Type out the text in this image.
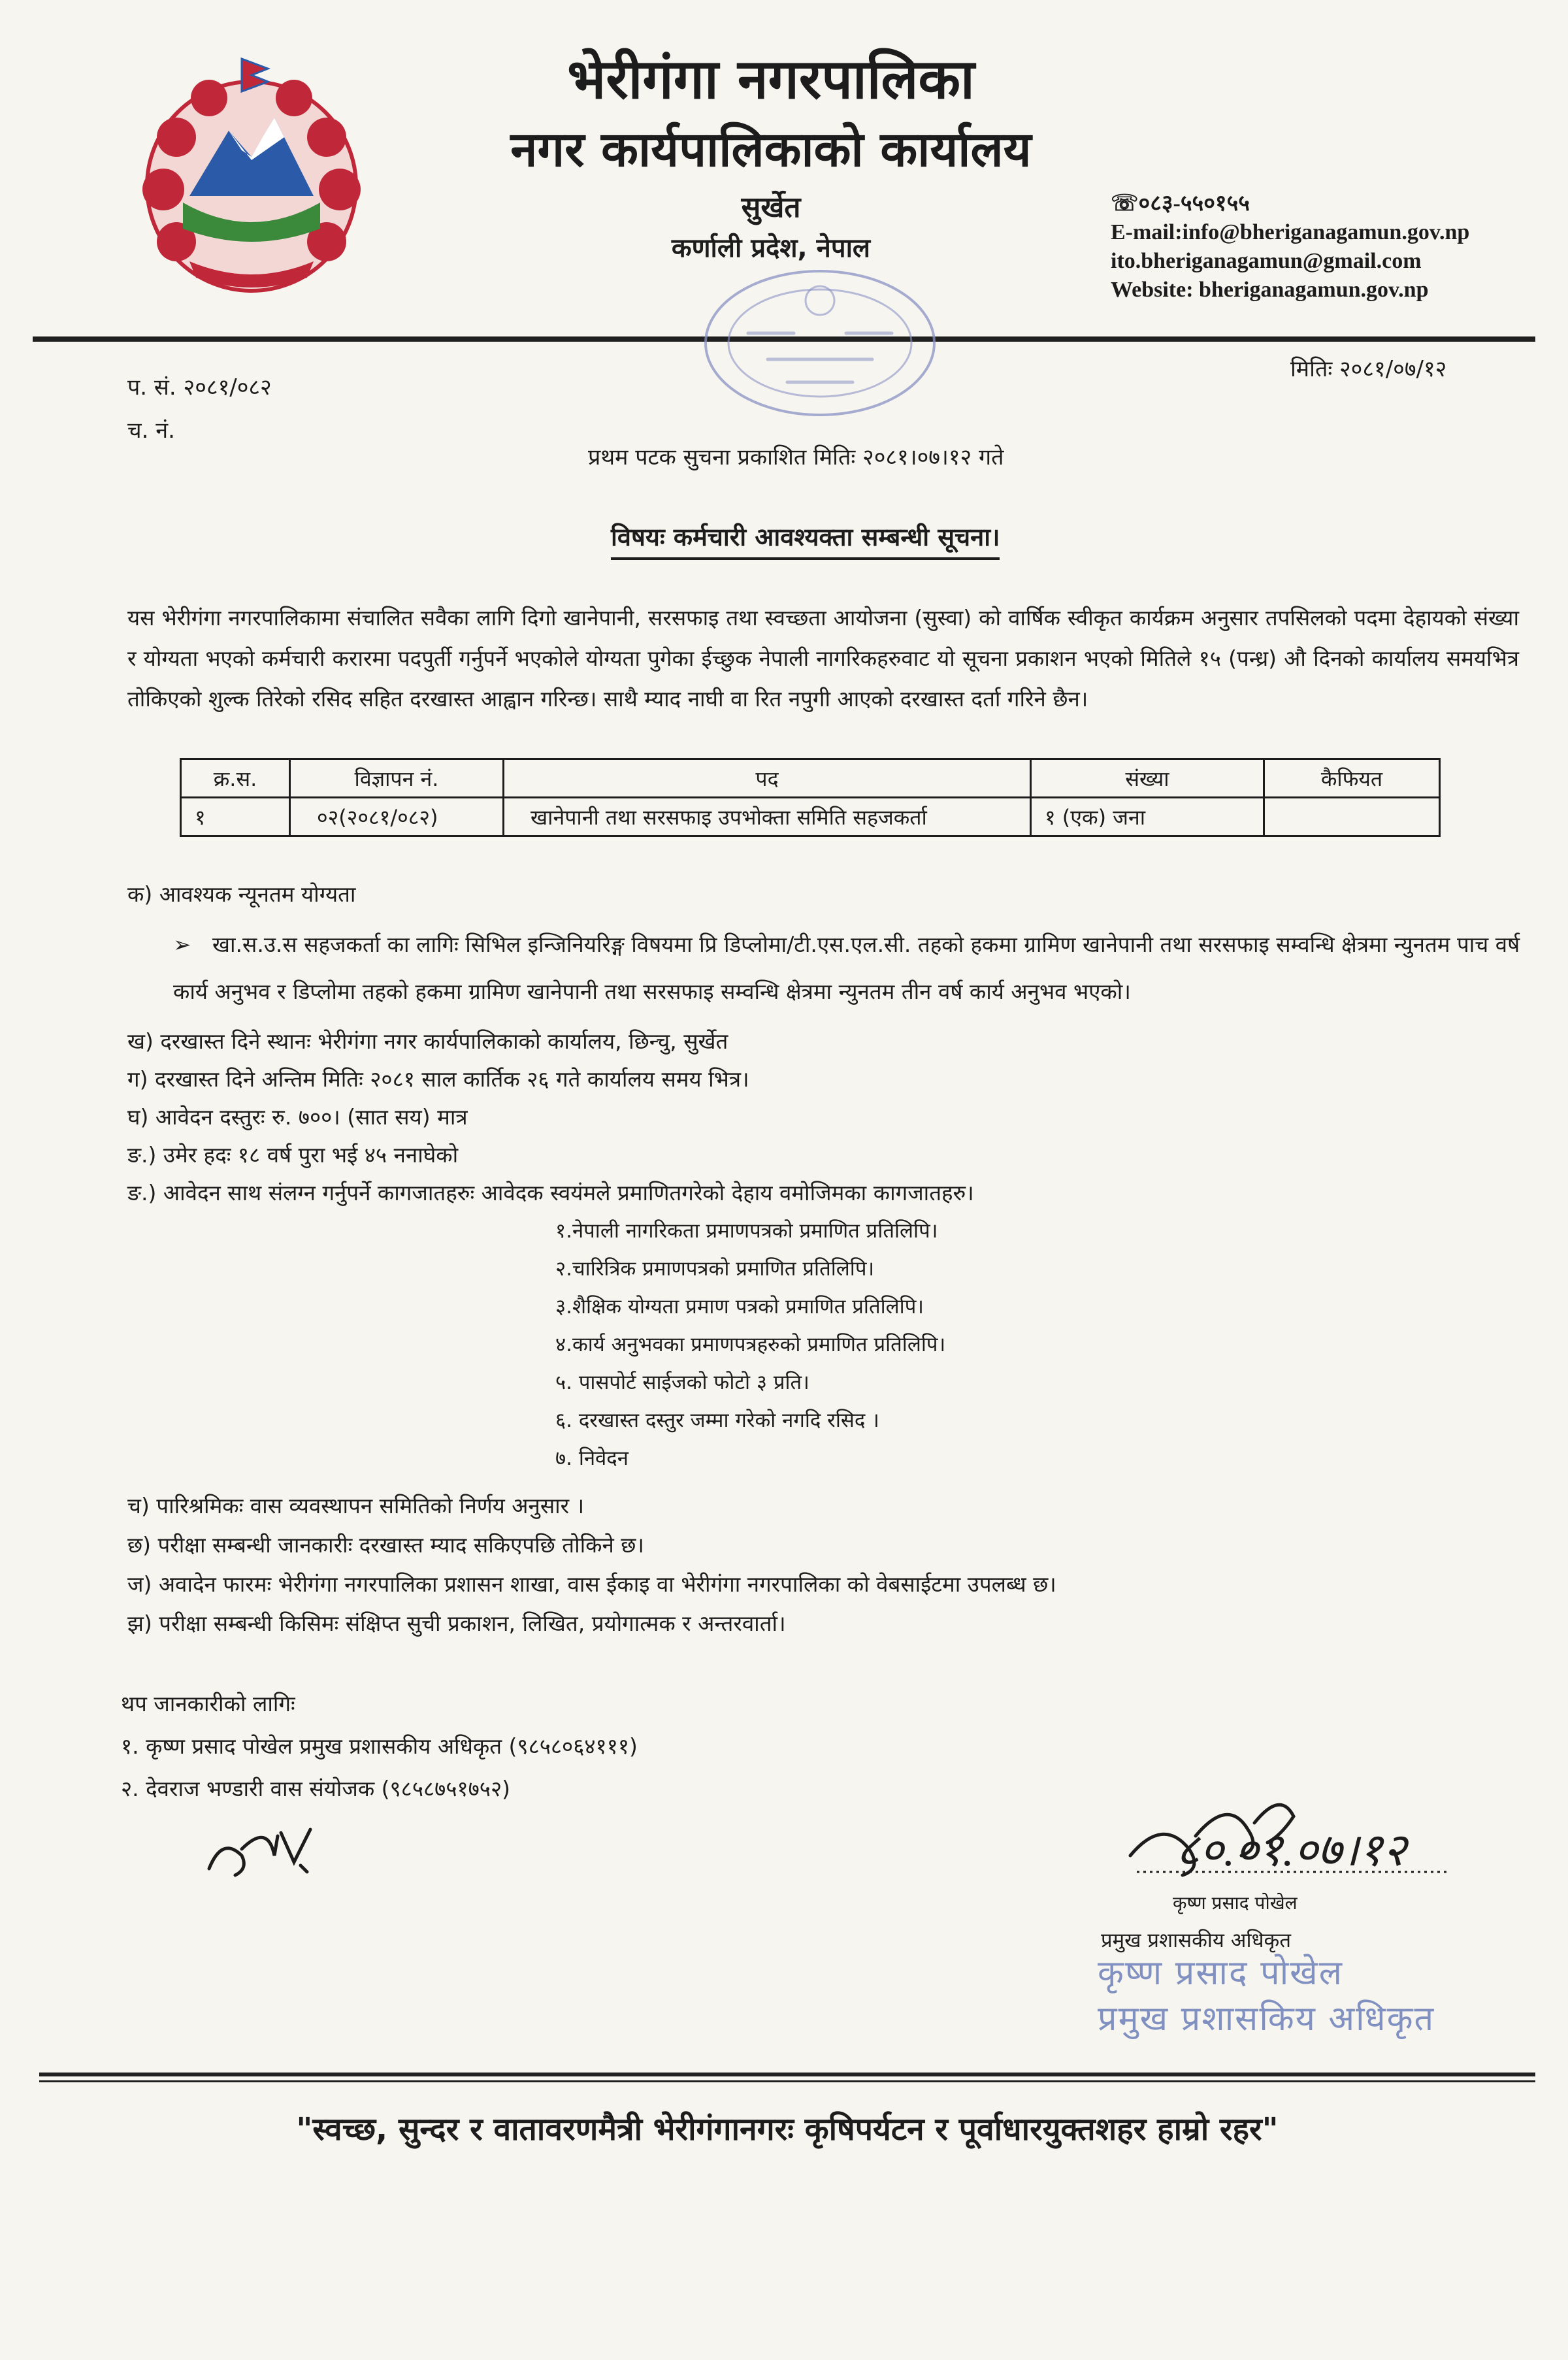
भेरीगंगा नगरपालिका
नगर कार्यपालिकाको कार्यालय
सुर्खेत
कर्णाली प्रदेश, नेपाल
☏०८३-५५०१५५
E-mail:info@bheriganagamun.gov.np
ito.bheriganagamun@gmail.com
Website: bheriganagamun.gov.np
प. सं. २०८१/०८२
च. नं.
मितिः २०८१/०७/१२
प्रथम पटक सुचना प्रकाशित मितिः २०८१।०७।१२ गते
विषयः कर्मचारी आवश्यक्ता सम्बन्धी सूचना।
यस भेरीगंगा नगरपालिकामा संचालित सवैका लागि दिगो खानेपानी, सरसफाइ तथा स्वच्छता आयोजना (सुस्वा) को वार्षिक स्वीकृत कार्यक्रम अनुसार तपसिलको पदमा देहायको संख्या र योग्यता भएको कर्मचारी करारमा पदपुर्ती गर्नुपर्ने भएकोले योग्यता पुगेका ईच्छुक नेपाली नागरिकहरुवाट यो सूचना प्रकाशन भएको मितिले १५ (पन्ध्र) औ दिनको कार्यालय समयभित्र तोकिएको शुल्क तिरेको रसिद सहित दरखास्त आह्वान गरिन्छ। साथै म्याद नाघी वा रित नपुगी आएको दरखास्त दर्ता गरिने छैन।
क्र.स.	विज्ञापन नं.	पद	संख्या	कैफियत
१	०२(२०८१/०८२)	खानेपानी तथा सरसफाइ उपभोक्ता समिति सहजकर्ता	१ (एक) जना	
क) आवश्यक न्यूनतम योग्यता
➢ खा.स.उ.स सहजकर्ता का लागिः सिभिल इन्जिनियरिङ्ग विषयमा प्रि डिप्लोमा/टी.एस.एल.सी. तहको हकमा ग्रामिण खानेपानी तथा सरसफाइ सम्वन्धि क्षेत्रमा न्युनतम पाच वर्ष कार्य अनुभव र डिप्लोमा तहको हकमा ग्रामिण खानेपानी तथा सरसफाइ सम्वन्धि क्षेत्रमा न्युनतम तीन वर्ष कार्य अनुभव भएको।
ख) दरखास्त दिने स्थानः भेरीगंगा नगर कार्यपालिकाको कार्यालय, छिन्चु, सुर्खेत
ग) दरखास्त दिने अन्तिम मितिः २०८१ साल कार्तिक २६ गते कार्यालय समय भित्र।
घ) आवेदन दस्तुरः रु. ७००। (सात सय) मात्र
ङ.) उमेर हदः १८ वर्ष पुरा भई ४५ ननाघेको
ङ.) आवेदन साथ संलग्न गर्नुपर्ने कागजातहरुः आवेदक स्वयंमले प्रमाणितगरेको देहाय वमोजिमका कागजातहरु।
१.नेपाली नागरिकता प्रमाणपत्रको प्रमाणित प्रतिलिपि।
२.चारित्रिक प्रमाणपत्रको प्रमाणित प्रतिलिपि।
३.शैक्षिक योग्यता प्रमाण पत्रको प्रमाणित प्रतिलिपि।
४.कार्य अनुभवका प्रमाणपत्रहरुको प्रमाणित प्रतिलिपि।
५. पासपोर्ट साईजको फोटो ३ प्रति।
६. दरखास्त दस्तुर जम्मा गरेको नगदि रसिद ।
७. निवेदन
च) पारिश्रमिकः वास व्यवस्थापन समितिको निर्णय अनुसार ।
छ) परीक्षा सम्बन्धी जानकारीः दरखास्त म्याद सकिएपछि तोकिने छ।
ज) अवादेन फारमः भेरीगंगा नगरपालिका प्रशासन शाखा, वास ईकाइ वा भेरीगंगा नगरपालिका को वेबसाईटमा उपलब्ध छ।
झ) परीक्षा सम्बन्धी किसिमः संक्षिप्त सुची प्रकाशन, लिखित, प्रयोगात्मक र अन्तरवार्ता।
थप जानकारीको लागिः
१. कृष्ण प्रसाद पोखेल प्रमुख प्रशासकीय अधिकृत (९८५८०६४१११)
२. देवराज भण्डारी वास संयोजक (९८५८७५१७५२)
८०.०१.०७।१२
कृष्ण प्रसाद पोखेल
प्रमुख प्रशासकीय अधिकृत
कृष्ण प्रसाद पोखेल
प्रमुख प्रशासकिय अधिकृत
"स्वच्छ, सुन्दर र वातावरणमैत्री भेरीगंगानगरः कृषिपर्यटन र पूर्वाधारयुक्तशहर हाम्रो रहर"
